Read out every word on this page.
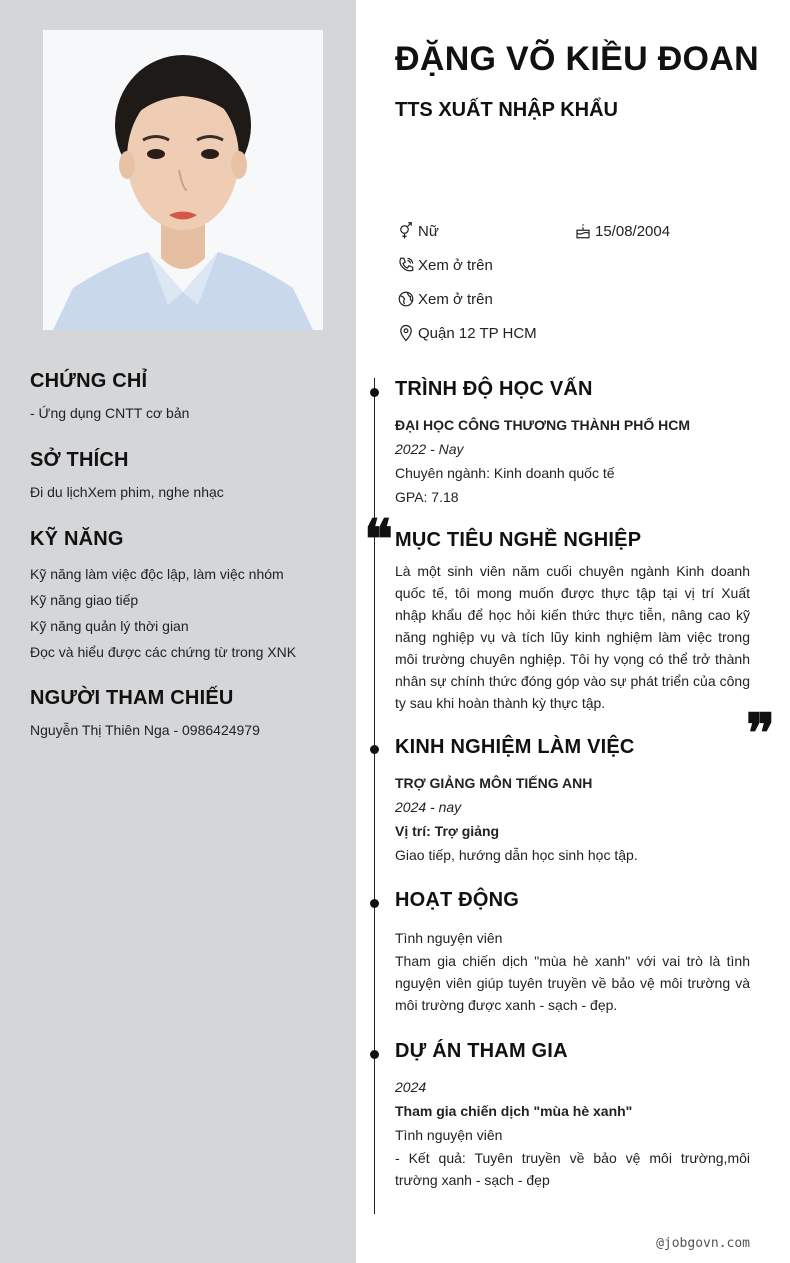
CHỨNG CHỈ
- Ứng dụng CNTT cơ bản
SỞ THÍCH
Đi du lịchXem phim, nghe nhạc
KỸ NĂNG
Kỹ năng làm việc độc lập, làm việc nhóm
Kỹ năng giao tiếp
Kỹ năng quản lý thời gian
Đọc và hiểu được các chứng từ trong XNK
NGƯỜI THAM CHIẾU
Nguyễn Thị Thiên Nga - 0986424979
ĐẶNG VÕ KIỀU ĐOAN
TTS XUẤT NHẬP KHẨU
Nữ	15/08/2004
Xem ở trên
Xem ở trên
Quận 12 TP HCM
TRÌNH ĐỘ HỌC VẤN
ĐẠI HỌC CÔNG THƯƠNG THÀNH PHỐ HCM
2022 - Nay
Chuyên ngành: Kinh doanh quốc tế
GPA: 7.18
❝ MỤC TIÊU NGHỀ NGHIỆP
Là một sinh viên năm cuối chuyên ngành Kinh doanh quốc tế, tôi mong muốn được thực tập tại vị trí Xuất nhập khẩu để học hỏi kiến thức thực tiễn, nâng cao kỹ năng nghiệp vụ và tích lũy kinh nghiệm làm việc trong môi trường chuyên nghiệp. Tôi hy vọng có thể trở thành nhân sự chính thức đóng góp vào sự phát triển của công ty sau khi hoàn thành kỳ thực tập.	❞
KINH NGHIỆM LÀM VIỆC
TRỢ GIẢNG MÔN TIẾNG ANH
2024 - nay
Vị trí: Trợ giảng
Giao tiếp, hướng dẫn học sinh học tập.
HOẠT ĐỘNG
Tình nguyện viên
Tham gia chiến dịch "mùa hè xanh" với vai trò là tình nguyện viên giúp tuyên truyền về bảo vệ môi trường và môi trường được xanh - sạch - đẹp.
DỰ ÁN THAM GIA
2024
Tham gia chiến dịch "mùa hè xanh"
Tình nguyện viên
- Kết quả: Tuyên truyền về bảo vệ môi trường,môi trường xanh - sạch - đẹp
@jobgovn.com
